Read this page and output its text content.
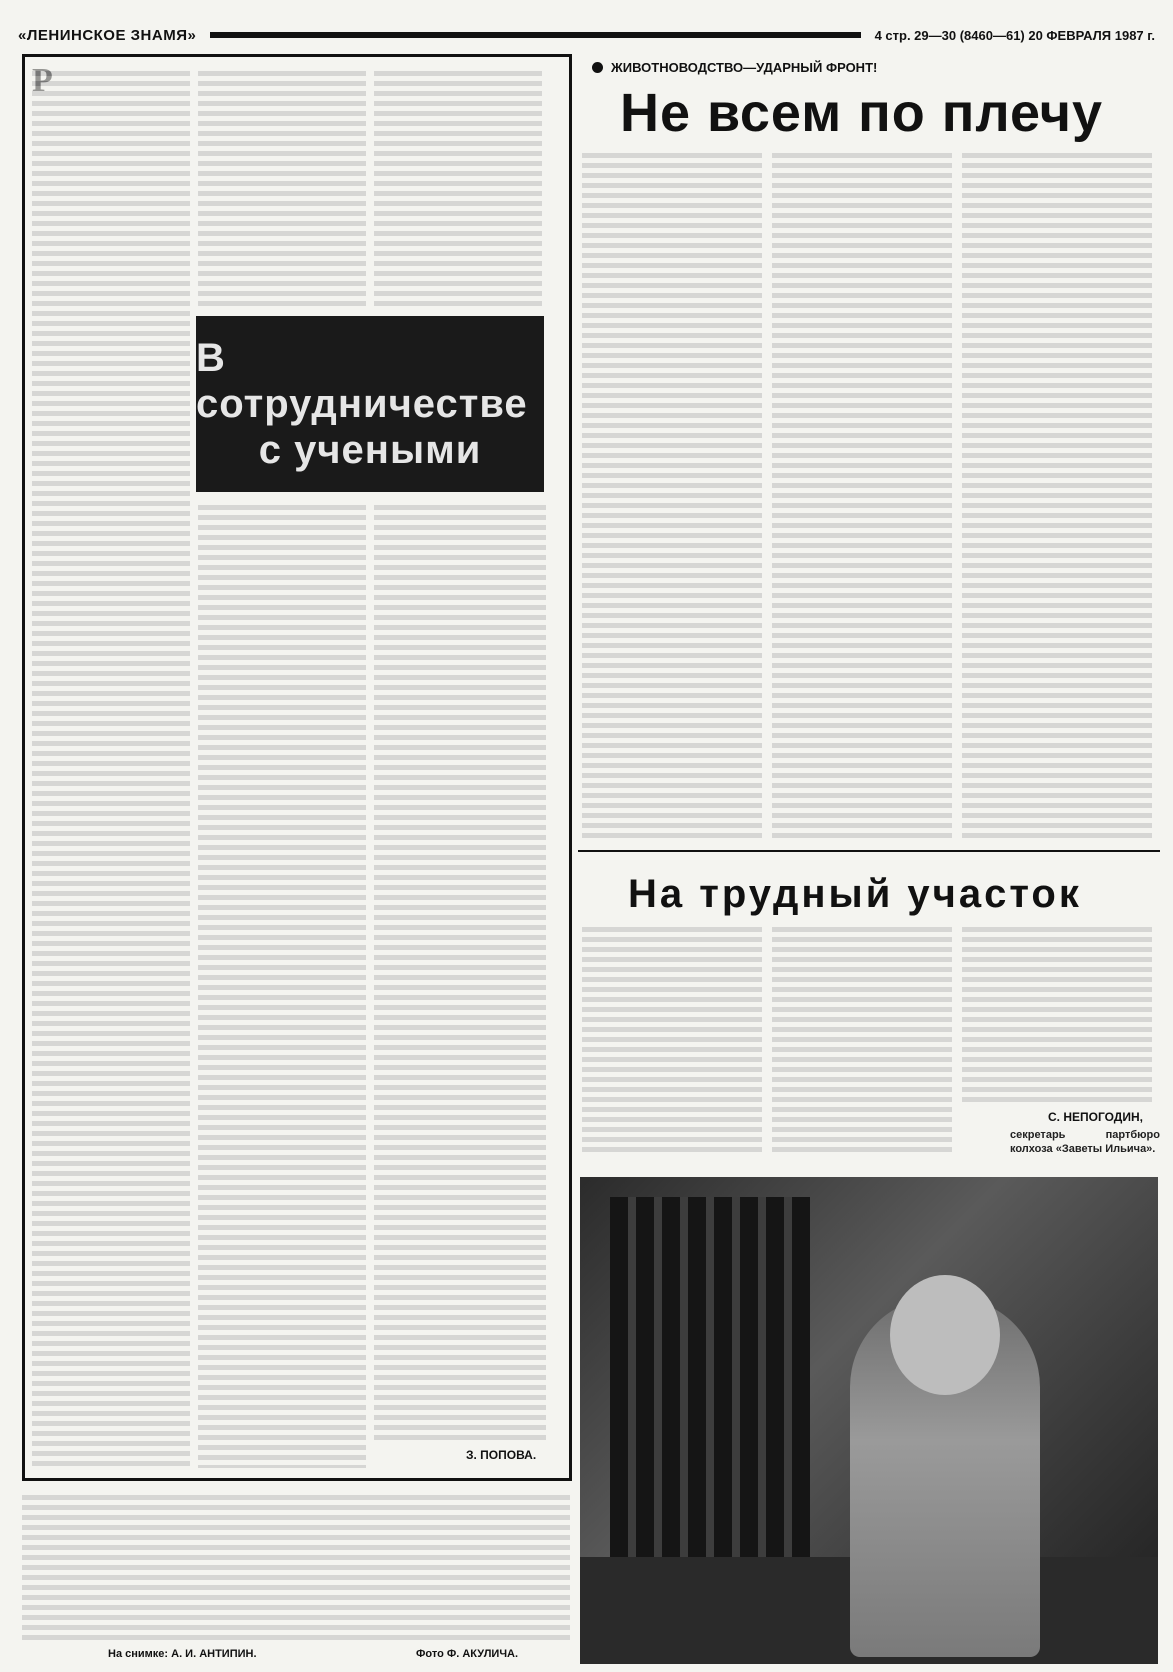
«ЛЕНИНСКОЕ ЗНАМЯ»	4 стр. 29—30 (8460—61) 20 ФЕВРАЛЯ 1987 г.
В сотрудничестве
с учеными
З. ПОПОВА.
ЖИВОТНОВОДСТВО—УДАРНЫЙ ФРОНТ!
Не всем по плечу
На трудный участок
С. НЕПОГОДИН,
секретарь партбюро колхоза «Заветы Ильича».
На снимке: А. И. АНТИПИН.	Фото Ф. АКУЛИЧА.
